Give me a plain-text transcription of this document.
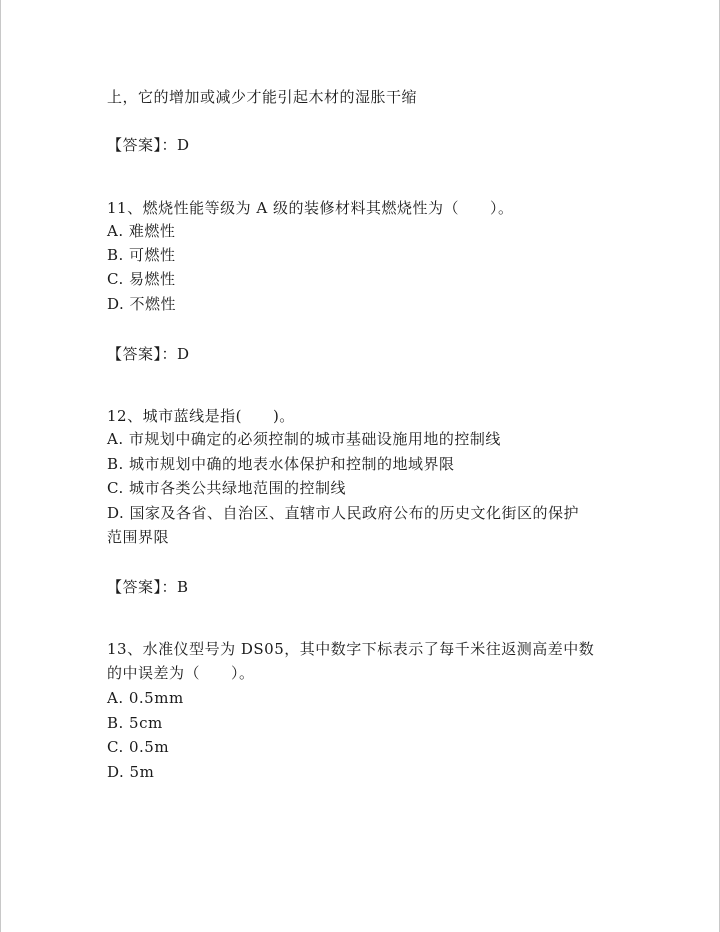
上，它的增加或减少才能引起木材的湿胀干缩
【答案】：D
11、燃烧性能等级为 A 级的装修材料其燃烧性为（　　）。
A. 难燃性
B. 可燃性
C. 易燃性
D. 不燃性
【答案】：D
12、城市蓝线是指(　　)。
A. 市规划中确定的必须控制的城市基础设施用地的控制线
B. 城市规划中确的地表水体保护和控制的地域界限
C. 城市各类公共绿地范围的控制线
D. 国家及各省、自治区、直辖市人民政府公布的历史文化街区的保护
范围界限
【答案】：B
13、水准仪型号为 DS05，其中数字下标表示了每千米往返测高差中数
的中误差为（　　）。
A. 0.5mm
B. 5cm
C. 0.5m
D. 5m
